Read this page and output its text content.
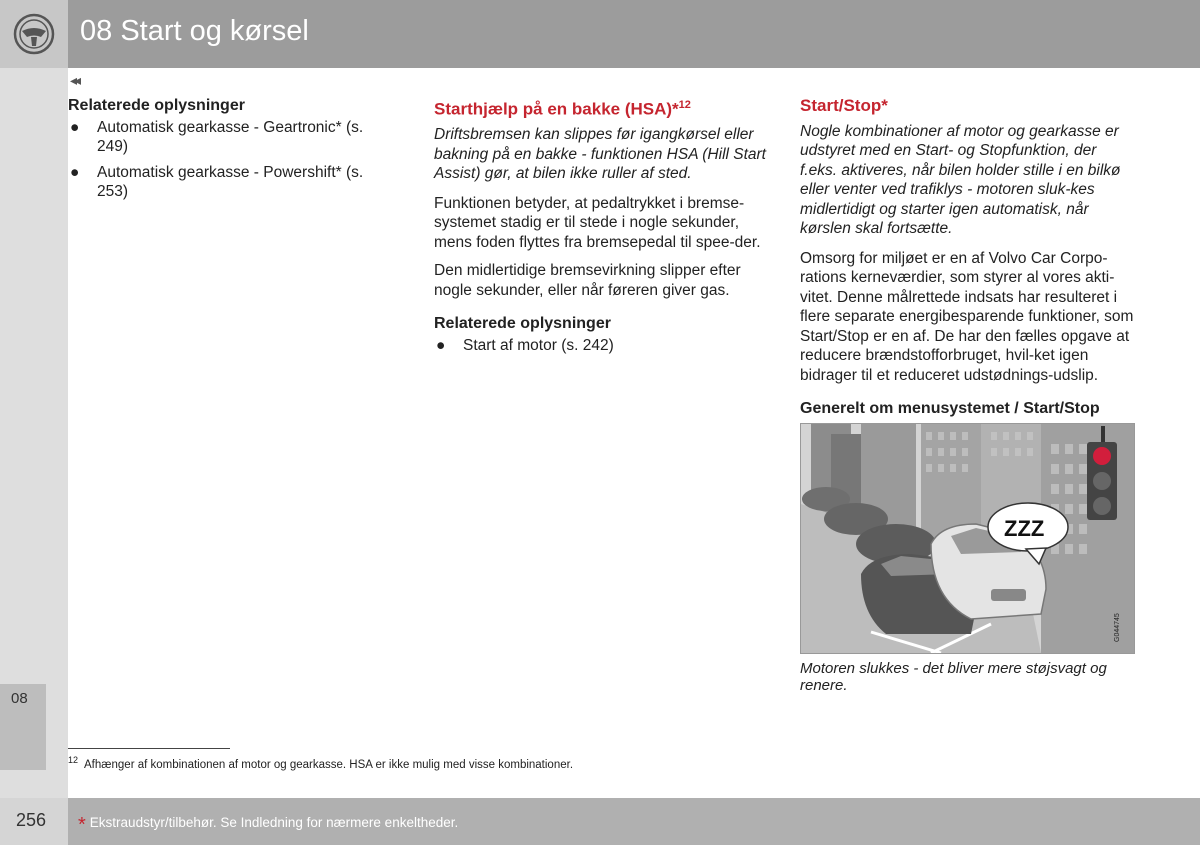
08 Start og kørsel
08
◂◂
Relaterede oplysninger
● Automatisk gearkasse - Geartronic* (s. 249)
● Automatisk gearkasse - Powershift* (s. 253)
Starthjælp på en bakke (HSA)*$^{12}$

Driftsbremsen kan slippes før igangkørsel eller bakning på en bakke - funktionen HSA (Hill Start Assist) gør, at bilen ikke ruller af sted.

Funktionen betyder, at pedaltrykket i bremse-systemet stadig er til stede i nogle sekunder, mens foden flyttes fra bremsepedal til spee-der.

Den midlertidige bremsevirkning slipper efter nogle sekunder, eller når føreren giver gas.

Relaterede oplysninger
● Start af motor (s. 242)
Start/Stop*

Nogle kombinationer af motor og gearkasse er udstyret med en Start- og Stopfunktion, der f.eks. aktiveres, når bilen holder stille i en bilkø eller venter ved trafiklys - motoren sluk-kes midlertidigt og starter igen automatisk, når kørslen skal fortsætte.

Omsorg for miljøet er en af Volvo Car Corpo-rations kerneværdier, som styrer al vores akti-vitet. Denne målrettede indsats har resulteret i flere separate energibesparende funktioner, som Start/Stop er en af. De har den fælles opgave at reducere brændstofforbruget, hvil-ket igen bidrager til et reduceret udstødnings-udslip.

Generelt om menusystemet / Start/Stop
ZZZ
G044745
Motoren slukkes - det bliver mere støjsvagt og renere.
$^{12}$ Afhænger af kombinationen af motor og gearkasse. HSA er ikke mulig med visse kombinationer.
256 * Ekstraudstyr/tilbehør. Se Indledning for nærmere enkeltheder.
